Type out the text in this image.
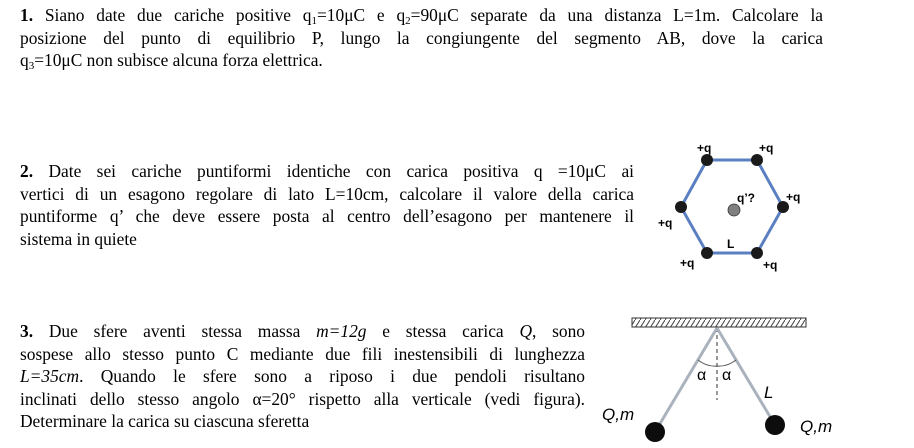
1. Siano date due cariche positive $q_1=10\mu C$ e $q_2=90\mu C$ separate da una distanza L=1m. Calcolare la
posizione del punto di equilibrio P, lungo la congiungente del segmento AB, dove la carica
$q_3=10\mu C$ non subisce alcuna forza elettrica.
2. Date sei cariche puntiformi identiche con carica positiva q =10μC ai
vertici di un esagono regolare di lato L=10cm, calcolare il valore della carica
puntiforme q’ che deve essere posta al centro dell’esagono per mantenere il
sistema in quiete
+q	+q
+q
+q
+q
+q
q’?
L
3. Due sfere aventi stessa massa m=12g e stessa carica Q, sono
sospese allo stesso punto C mediante due fili inestensibili di lunghezza
L=35cm. Quando le sfere sono a riposo i due pendoli risultano
inclinati dello stesso angolo α=20° rispetto alla verticale (vedi figura).
Determinare la carica su ciascuna sferetta
α α
L
Q,m
Q,m
